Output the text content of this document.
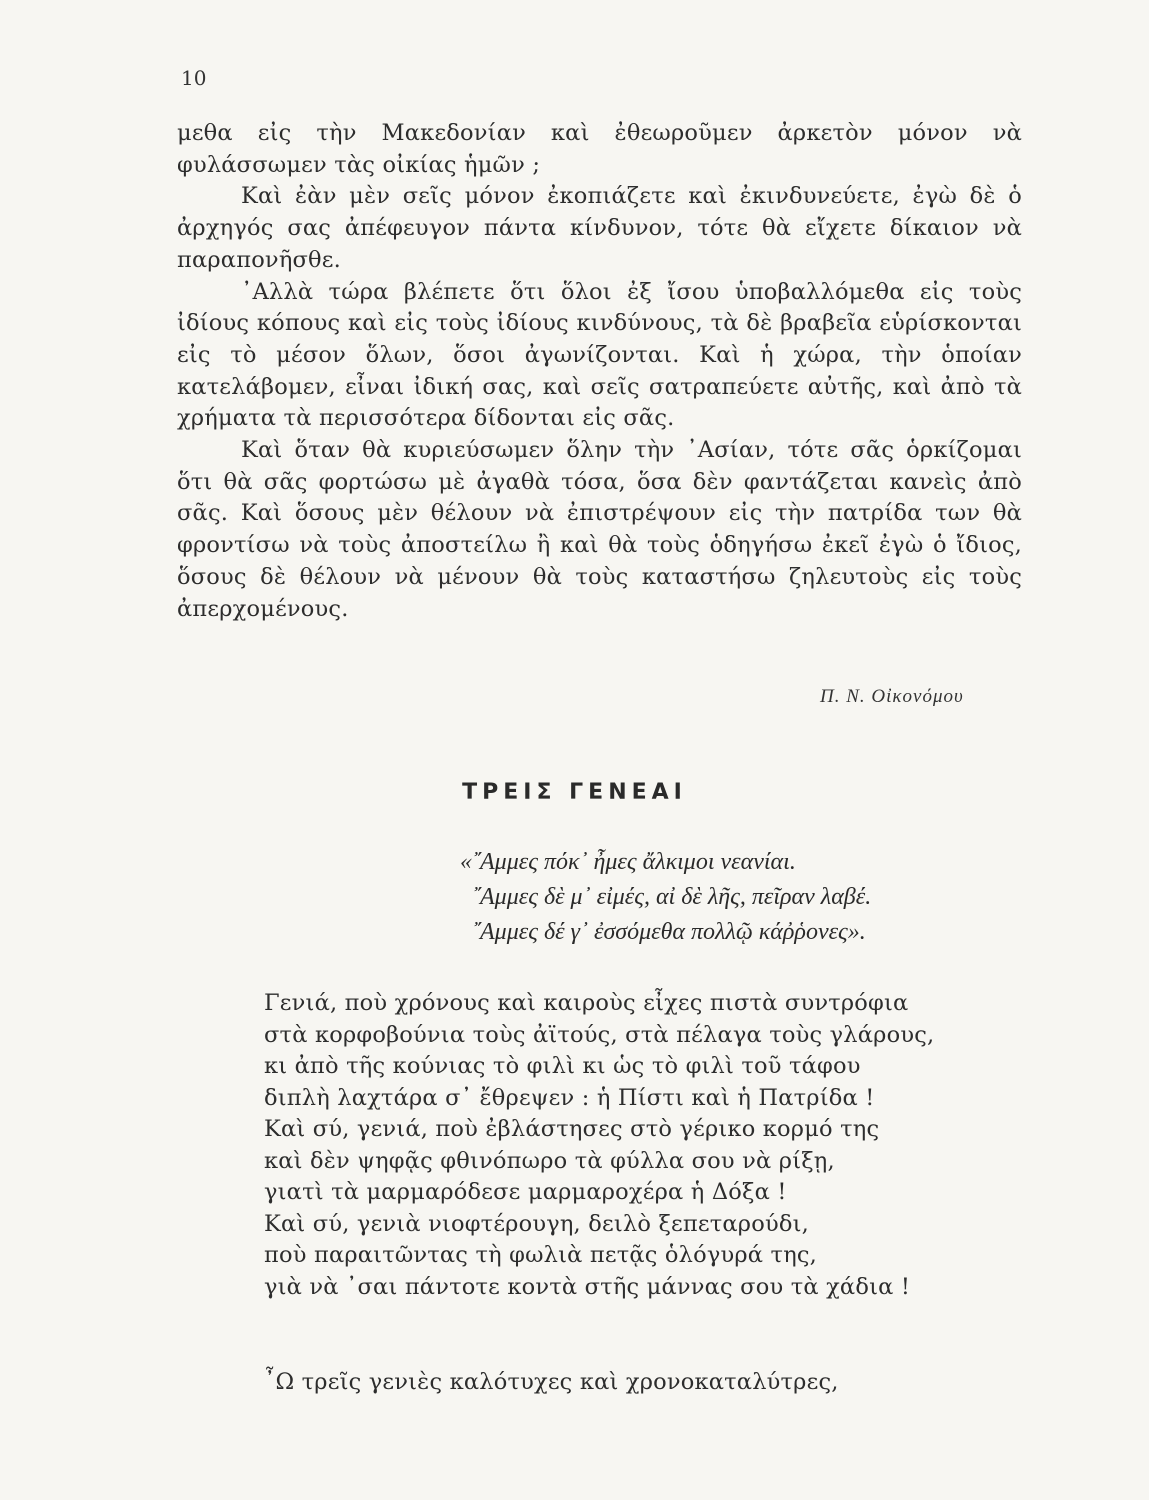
10

μεθα εἰς τὴν Μακεδονίαν καὶ ἐθεωροῦμεν ἀρκετὸν μόνον νὰ φυλάσσωμεν τὰς οἰκίας ἡμῶν ;

Καὶ ἐὰν μὲν σεῖς μόνον ἐκοπιάζετε καὶ ἐκινδυνεύετε, ἐγὼ δὲ ὁ ἀρχηγός σας ἀπέφευγον πάντα κίνδυνον, τότε θὰ εἴχετε δίκαιον νὰ παραπονῆσθε.

᾽Αλλὰ τώρα βλέπετε ὅτι ὅλοι ἐξ ἴσου ὑποβαλλόμεθα εἰς τοὺς ἰδίους κόπους καὶ εἰς τοὺς ἰδίους κινδύνους, τὰ δὲ βραβεῖα εὑρίσκονται εἰς τὸ μέσον ὅλων, ὅσοι ἀγωνίζονται. Καὶ ἡ χώρα, τὴν ὁποίαν κατελάβομεν, εἶναι ἰδική σας, καὶ σεῖς σατραπεύετε αὐτῆς, καὶ ἀπὸ τὰ χρήματα τὰ περισσότερα δίδονται εἰς σᾶς.

Καὶ ὅταν θὰ κυριεύσωμεν ὅλην τὴν ᾽Ασίαν, τότε σᾶς ὁρκίζομαι ὅτι θὰ σᾶς φορτώσω μὲ ἀγαθὰ τόσα, ὅσα δὲν φαντάζεται κανεὶς ἀπὸ σᾶς. Καὶ ὅσους μὲν θέλουν νὰ ἐπιστρέψουν εἰς τὴν πατρίδα των θὰ φροντίσω νὰ τοὺς ἀποστείλω ἢ καὶ θὰ τοὺς ὁδηγήσω ἐκεῖ ἐγὼ ὁ ἴδιος, ὅσους δὲ θέλουν νὰ μένουν θὰ τοὺς καταστήσω ζηλευτοὺς εἰς τοὺς ἀπερχομένους.

Π. Ν. Οἰκονόμου
ΤΡΕΙΣ ΓΕΝΕΑΙ
«῎Αμμες πόκ᾽ ἦμες ἄλκιμοι νεανίαι.
῎Αμμες δὲ μ᾽ εἰμές, αἰ δὲ λῆς, πεῖραν λαβέ.
῎Αμμες δέ γ᾽ ἐσσόμεθα πολλῷ κάῤῥονες».
Γενιά, ποὺ χρόνους καὶ καιροὺς εἶχες πιστὰ συντρόφια
στὰ κορφοβούνια τοὺς ἀϊτούς, στὰ πέλαγα τοὺς γλάρους,
κι ἀπὸ τῆς κούνιας τὸ φιλὶ κι ὡς τὸ φιλὶ τοῦ τάφου
διπλὴ λαχτάρα σ᾽ ἔθρεψεν : ἡ Πίστι καὶ ἡ Πατρίδα !
Καὶ σύ, γενιά, ποὺ ἐβλάστησες στὸ γέρικο κορμό της
καὶ δὲν ψηφᾷς φθινόπωρο τὰ φύλλα σου νὰ ρίξῃ,
γιατὶ τὰ μαρμαρόδεσε μαρμαροχέρα ἡ Δόξα !
Καὶ σύ, γενιὰ νιοφτέρουγη, δειλὸ ξεπεταρούδι,
ποὺ παραιτῶντας τὴ φωλιὰ πετᾷς ὁλόγυρά της,
γιὰ νὰ ᾽σαι πάντοτε κοντὰ στῆς μάννας σου τὰ χάδια !
῏Ω τρεῖς γενιὲς καλότυχες καὶ χρονοκαταλύτρες,
